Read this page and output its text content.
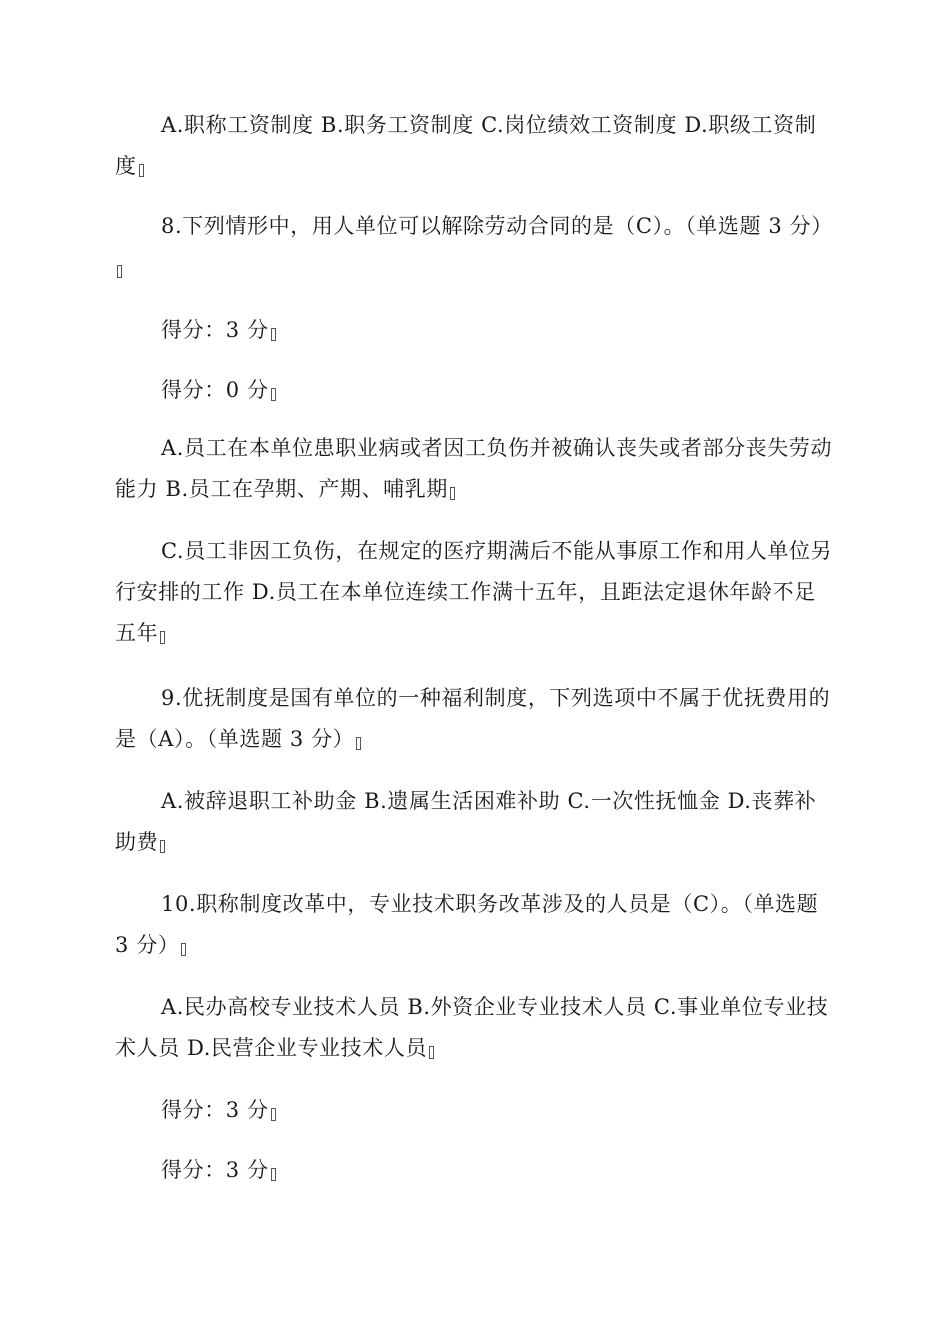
A.职称工资制度 B.职务工资制度 C.岗位绩效工资制度 D.职级工资制度

8.下列情形中，用人单位可以解除劳动合同的是（C）。（单选题 3 分）

得分：3 分

得分：0 分

A.员工在本单位患职业病或者因工负伤并被确认丧失或者部分丧失劳动能力 B.员工在孕期、产期、哺乳期

C.员工非因工负伤，在规定的医疗期满后不能从事原工作和用人单位另行安排的工作 D.员工在本单位连续工作满十五年，且距法定退休年龄不足五年

9.优抚制度是国有单位的一种福利制度，下列选项中不属于优抚费用的是（A）。（单选题 3 分）

A.被辞退职工补助金 B.遗属生活困难补助 C.一次性抚恤金 D.丧葬补助费

10.职称制度改革中，专业技术职务改革涉及的人员是（C）。（单选题 3 分）

A.民办高校专业技术人员 B.外资企业专业技术人员 C.事业单位专业技术人员 D.民营企业专业技术人员

得分：3 分

得分：3 分
